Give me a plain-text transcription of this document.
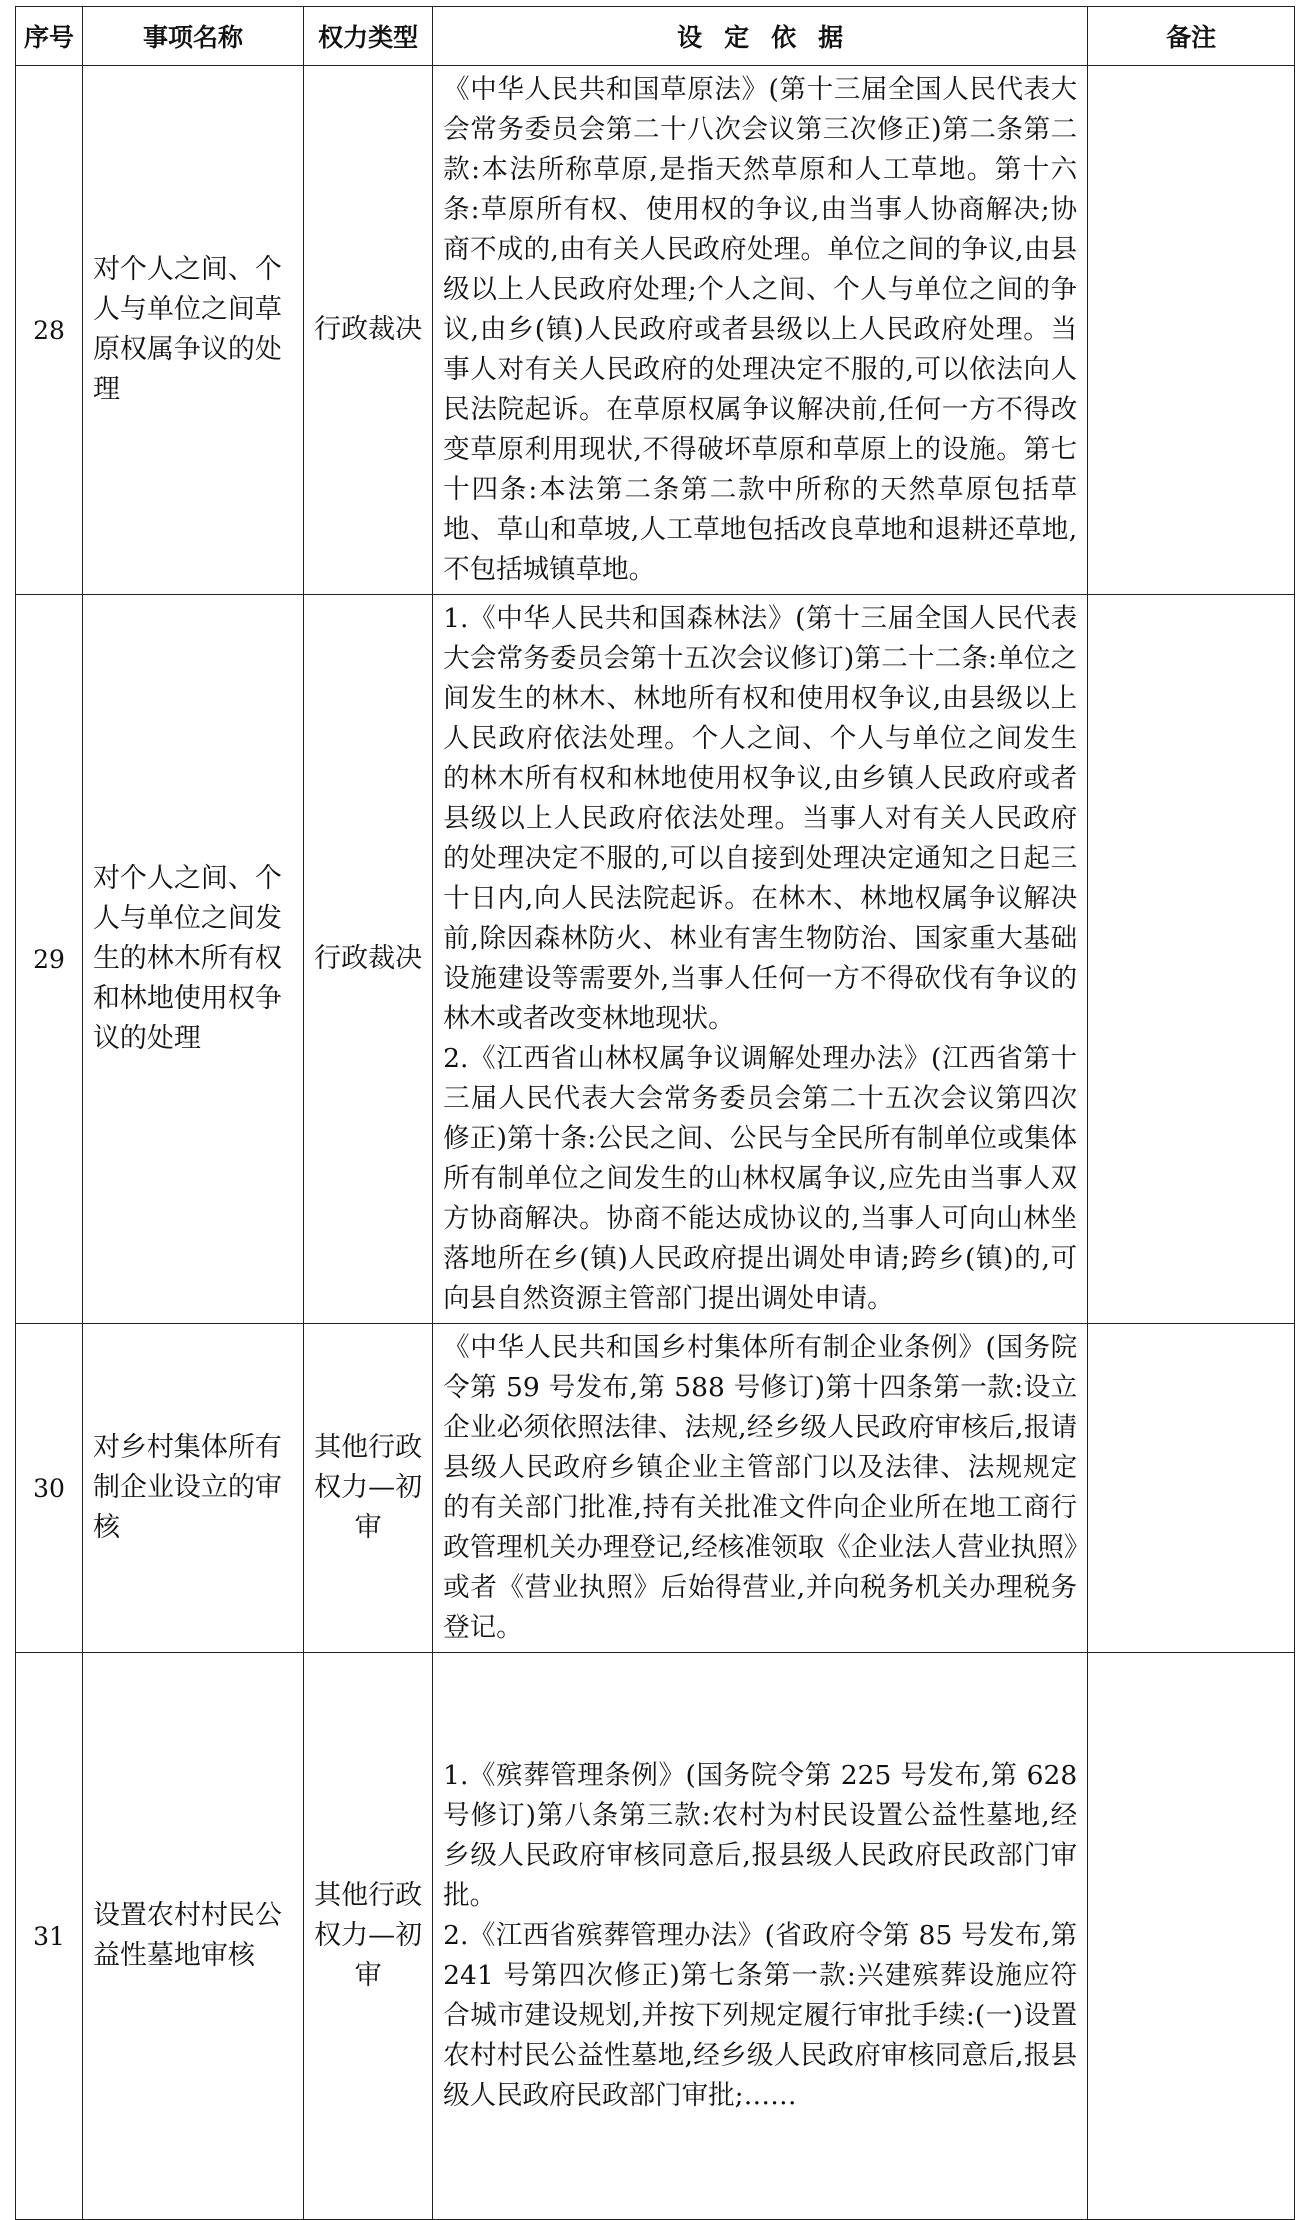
序号	事项名称	权力类型	设定依据	备注
28	对个人之间、个人与单位之间草原权属争议的处理	行政裁决	《中华人民共和国草原法》(第十三届全国人民代表大会常务委员会第二十八次会议第三次修正)第二条第二款:本法所称草原,是指天然草原和人工草地。第十六条:草原所有权、使用权的争议,由当事人协商解决;协商不成的,由有关人民政府处理。单位之间的争议,由县级以上人民政府处理;个人之间、个人与单位之间的争议,由乡(镇)人民政府或者县级以上人民政府处理。当事人对有关人民政府的处理决定不服的,可以依法向人民法院起诉。在草原权属争议解决前,任何一方不得改变草原利用现状,不得破坏草原和草原上的设施。第七十四条:本法第二条第二款中所称的天然草原包括草地、草山和草坡,人工草地包括改良草地和退耕还草地,不包括城镇草地。	

29	对个人之间、个人与单位之间发生的林木所有权和林地使用权争议的处理	行政裁决	1.《中华人民共和国森林法》(第十三届全国人民代表大会常务委员会第十五次会议修订)第二十二条:单位之间发生的林木、林地所有权和使用权争议,由县级以上人民政府依法处理。个人之间、个人与单位之间发生的林木所有权和林地使用权争议,由乡镇人民政府或者县级以上人民政府依法处理。当事人对有关人民政府的处理决定不服的,可以自接到处理决定通知之日起三十日内,向人民法院起诉。在林木、林地权属争议解决前,除因森林防火、林业有害生物防治、国家重大基础设施建设等需要外,当事人任何一方不得砍伐有争议的林木或者改变林地现状。

2.《江西省山林权属争议调解处理办法》(江西省第十三届人民代表大会常务委员会第二十五次会议第四次修正)第十条:公民之间、公民与全民所有制单位或集体所有制单位之间发生的山林权属争议,应先由当事人双方协商解决。协商不能达成协议的,当事人可向山林坐落地所在乡(镇)人民政府提出调处申请;跨乡(镇)的,可向县自然资源主管部门提出调处申请。	

30	对乡村集体所有制企业设立的审核	其他行政权力—初审	《中华人民共和国乡村集体所有制企业条例》(国务院令第 59 号发布,第 588 号修订)第十四条第一款:设立企业必须依照法律、法规,经乡级人民政府审核后,报请县级人民政府乡镇企业主管部门以及法律、法规规定的有关部门批准,持有关批准文件向企业所在地工商行政管理机关办理登记,经核准领取《企业法人营业执照》或者《营业执照》后始得营业,并向税务机关办理税务登记。	

31	设置农村村民公益性墓地审核	其他行政权力—初审	1.《殡葬管理条例》(国务院令第 225 号发布,第 628 号修订)第八条第三款:农村为村民设置公益性墓地,经乡级人民政府审核同意后,报县级人民政府民政部门审批。

2.《江西省殡葬管理办法》(省政府令第 85 号发布,第 241 号第四次修正)第七条第一款:兴建殡葬设施应符合城市建设规划,并按下列规定履行审批手续:(一)设置农村村民公益性墓地,经乡级人民政府审核同意后,报县级人民政府民政部门审批;……	
